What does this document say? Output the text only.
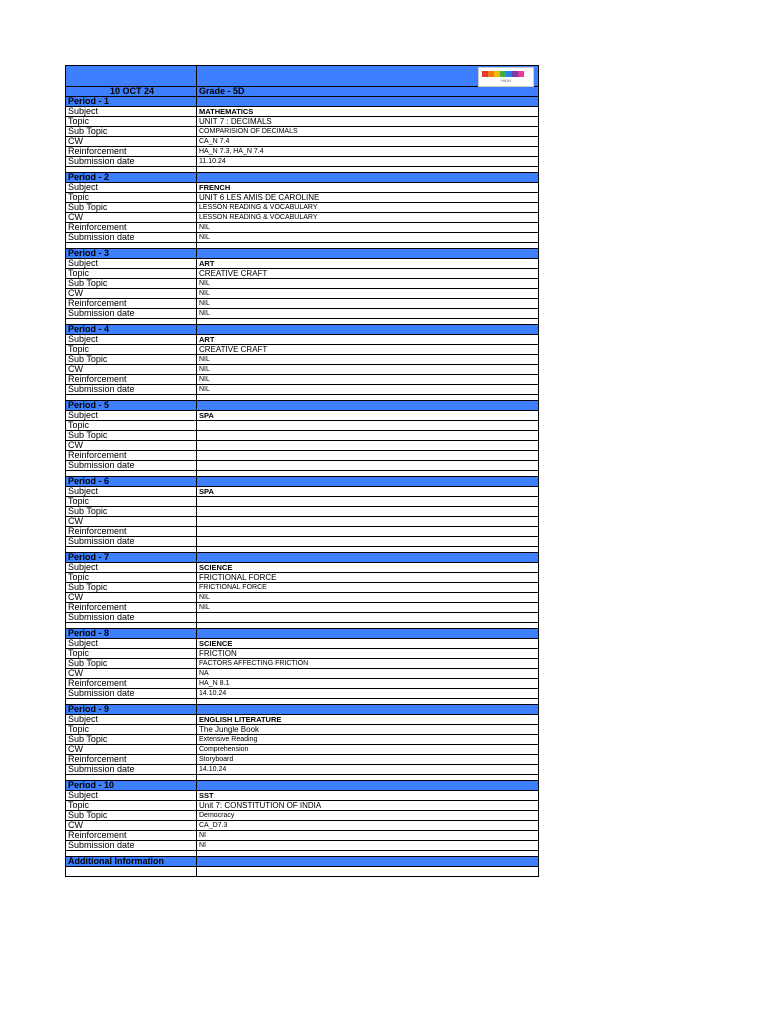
HIGH
10 OCT 24	Grade - 5D
Period - 1
Subject	MATHEMATICS
Topic	UNIT 7 : DECIMALS
Sub Topic	COMPARISION OF DECIMALS
CW	CA_N 7.4
Reinforcement	HA_N 7.3, HA_N 7.4
Submission date	11.10.24
Period - 2
Subject	FRENCH
Topic	UNIT 6 LES AMIS DE CAROLINE
Sub Topic	LESSON READING & VOCABULARY
CW	LESSON READING & VOCABULARY
Reinforcement	NIL
Submission date	NIL
Period - 3
Subject	ART
Topic	CREATIVE CRAFT
Sub Topic	NIL
CW	NIL
Reinforcement	NIL
Submission date	NIL
Period - 4
Subject	ART
Topic	CREATIVE CRAFT
Sub Topic	NIL
CW	NIL
Reinforcement	NIL
Submission date	NIL
Period - 5
Subject	SPA
Topic
Sub Topic
CW
Reinforcement
Submission date
Period - 6
Subject	SPA
Topic
Sub Topic
CW
Reinforcement
Submission date
Period - 7
Subject	SCIENCE
Topic	FRICTIONAL FORCE
Sub Topic	FRICTIONAL FORCE
CW	NIL
Reinforcement	NIL
Submission date
Period - 8
Subject	SCIENCE
Topic	FRICTION
Sub Topic	FACTORS AFFECTING FRICTION
CW	NA
Reinforcement	HA_N 8.1
Submission date	14.10.24
Period - 9
Subject	ENGLISH LITERATURE
Topic	The Jungle Book
Sub Topic	Extensive Reading
CW	Comprehension
Reinforcement	Storyboard
Submission date	14.10.24
Period - 10
Subject	SST
Topic	Unit 7: CONSTITUTION OF INDIA
Sub Topic	Democracy
CW	CA_D7.3
Reinforcement	NI
Submission date	NI
Additional Information
